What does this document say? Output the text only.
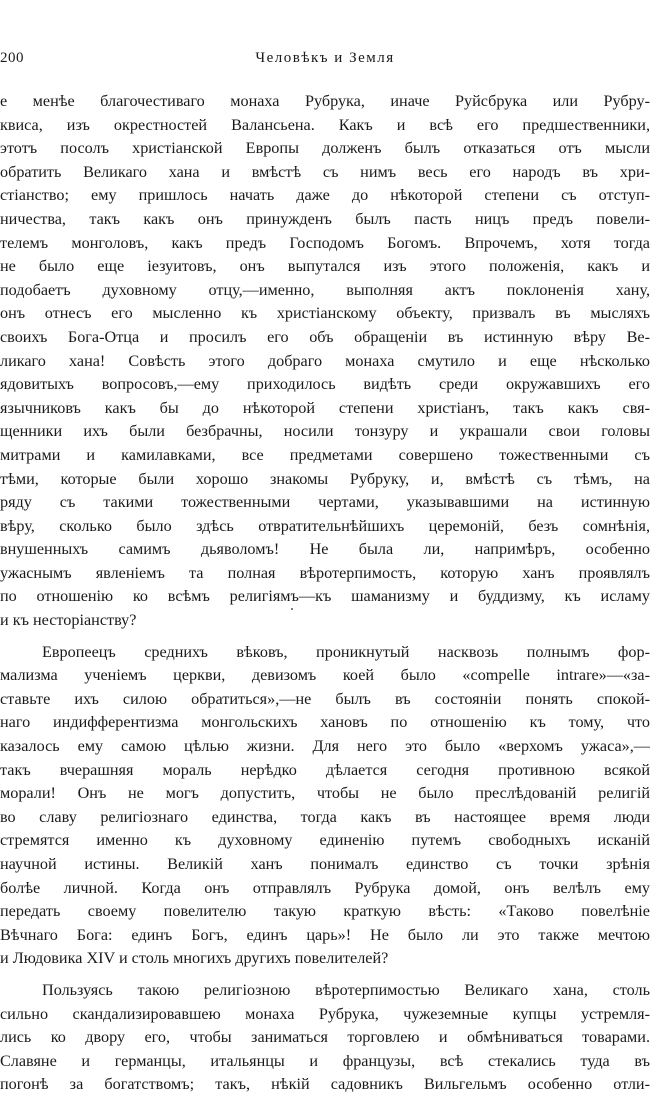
200	Человѣкъ и Земля
е менѣе благочестиваго монаха Рубрука, иначе Руйсбрука или Рубру-
квиса, изъ окрестностей Валансьена. Какъ и всѣ его предшественники,
этотъ посолъ христiанской Европы долженъ былъ отказаться отъ мысли
обратить Великаго хана и вмѣстѣ съ нимъ весь его народъ въ хри-
стiанство; ему пришлось начать даже до нѣкоторой степени съ отступ-
ничества, такъ какъ онъ принужденъ былъ пасть ницъ предъ повели-
телемъ монголовъ, какъ предъ Господомъ Богомъ. Впрочемъ, хотя тогда
не было еще iезуитовъ, онъ выпутался изъ этого положенiя, какъ и
подобаетъ духовному отцу,—именно, выполняя актъ поклоненiя хану,
онъ отнесъ его мысленно къ христiанскому объекту, призвалъ въ мысляхъ
своихъ Бога-Отца и просилъ его объ обращенiи въ истинную вѣру Ве-
ликаго хана! Совѣсть этого добраго монаха смутило и еще нѣсколько
ядовитыхъ вопросовъ,—ему приходилось видѣть среди окружавшихъ его
язычниковъ какъ бы до нѣкоторой степени христiанъ, такъ какъ свя-
щенники ихъ были безбрачны, носили тонзуру и украшали свои головы
митрами и камилавками, все предметами совершено тожественными съ
тѣми, которые были хорошо знакомы Рубруку, и, вмѣстѣ съ тѣмъ, на
ряду съ такими тожественными чертами, указывавшими на истинную
вѣру, сколько было здѣсь отвратительнѣйшихъ церемонiй, безъ сомнѣнiя,
внушенныхъ самимъ дьяволомъ! Не была ли, напримѣръ, особенно
ужаснымъ явленiемъ та полная вѣротерпимость, которую ханъ проявлялъ
по отношенiю ко всѣмъ религiямъ—къ шаманизму и буддизму, къ исламу
и къ несторiанству?
Европеецъ среднихъ вѣковъ, проникнутый насквозь полнымъ фор-
мализма ученiемъ церкви, девизомъ коей было «compelle intrare»—«за-
ставьте ихъ силою обратиться»,—не былъ въ состоянiи понять спокой-
наго индифферентизма монгольскихъ хановъ по отношенiю къ тому, что
казалось ему самою цѣлью жизни. Для него это было «верхомъ ужаса»,—
такъ вчерашняя мораль нерѣдко дѣлается сегодня противною всякой
морали! Онъ не могъ допустить, чтобы не было преслѣдованiй религiй
во славу религiознаго единства, тогда какъ въ настоящее время люди
стремятся именно къ духовному единенiю путемъ свободныхъ исканiй
научной истины. Великiй ханъ понималъ единство съ точки зрѣнiя
болѣе личной. Когда онъ отправлялъ Рубрука домой, онъ велѣлъ ему
передать своему повелителю такую краткую вѣсть: «Таково повелѣнiе
Вѣчнаго Бога: единъ Богъ, единъ царь»! Не было ли это также мечтою
и Людовика XIV и столь многихъ другихъ повелителей?
Пользуясь такою религiозною вѣротерпимостью Великаго хана, столь
сильно скандализировавшею монаха Рубрука, чужеземные купцы устремля-
лись ко двору его, чтобы заниматься торговлею и обмѣниваться товарами.
Славяне и германцы, итальянцы и французы, всѣ стекались туда въ
погонѣ за богатствомъ; такъ, нѣкiй садовникъ Вильгельмъ особенно отли-
